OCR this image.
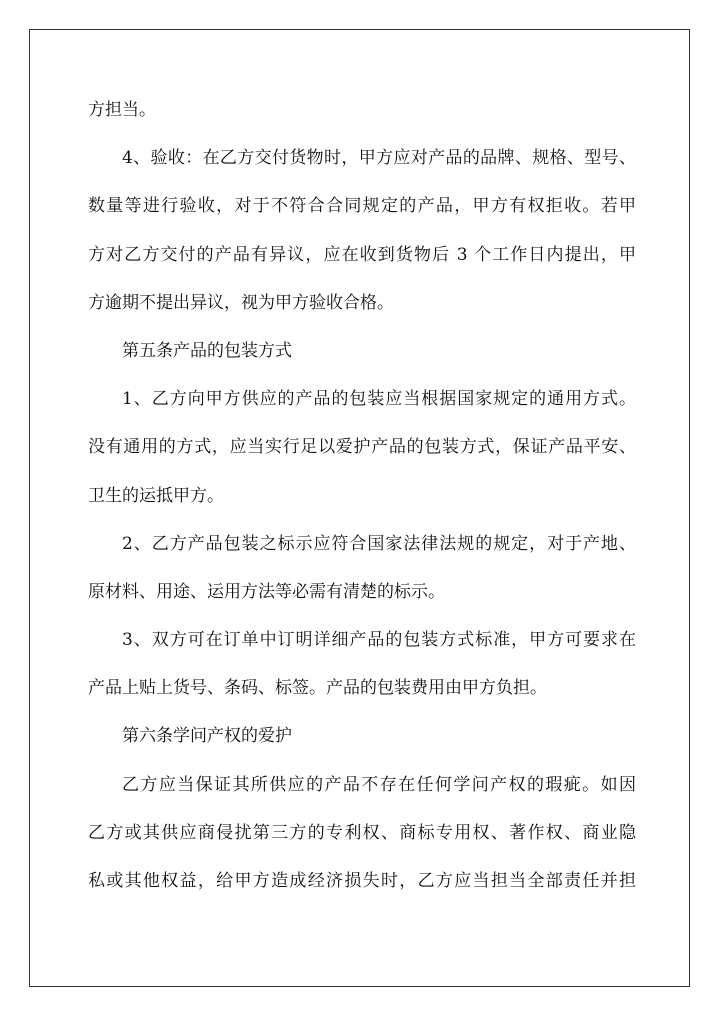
方担当。
4、验收：在乙方交付货物时，甲方应对产品的品牌、规格、型号、
数量等进行验收，对于不符合合同规定的产品，甲方有权拒收。若甲
方对乙方交付的产品有异议，应在收到货物后 3 个工作日内提出，甲
方逾期不提出异议，视为甲方验收合格。
第五条产品的包装方式
1、乙方向甲方供应的产品的包装应当根据国家规定的通用方式。
没有通用的方式，应当实行足以爱护产品的包装方式，保证产品平安、
卫生的运抵甲方。
2、乙方产品包装之标示应符合国家法律法规的规定，对于产地、
原材料、用途、运用方法等必需有清楚的标示。
3、双方可在订单中订明详细产品的包装方式标准，甲方可要求在
产品上贴上货号、条码、标签。产品的包装费用由甲方负担。
第六条学问产权的爱护
乙方应当保证其所供应的产品不存在任何学问产权的瑕疵。如因
乙方或其供应商侵扰第三方的专利权、商标专用权、著作权、商业隐
私或其他权益，给甲方造成经济损失时，乙方应当担当全部责任并担
